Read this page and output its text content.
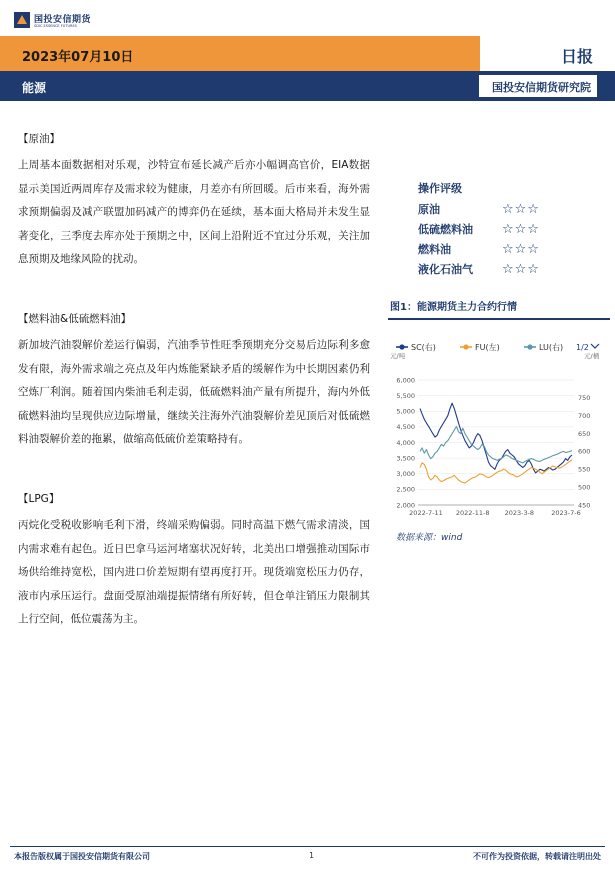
国投安信期货
SDIC ESSENCE FUTURES
2023年07月10日	日报
能源	国投安信期货研究院
【原油】

上周基本面数据相对乐观，沙特宣布延长减产后亦小幅调高官价，EIA数据显示美国近两周库存及需求较为健康，月差亦有所回暖。后市来看，海外需求预期偏弱及减产联盟加码减产的博弈仍在延续，基本面大格局并未发生显著变化，三季度去库亦处于预期之中，区间上沿附近不宜过分乐观，关注加息预期及地缘风险的扰动。

【燃料油&低硫燃料油】

新加坡汽油裂解价差运行偏弱，汽油季节性旺季预期充分交易后边际利多愈发有限，海外需求端之亮点及年内炼能紧缺矛盾的缓解作为中长期因素仍利空炼厂利润。随着国内柴油毛利走弱，低硫燃料油产量有所提升，海内外低硫燃料油均呈现供应边际增量，继续关注海外汽油裂解价差见顶后对低硫燃料油裂解价差的拖累，做缩高低硫价差策略持有。

【LPG】

丙烷化受税收影响毛利下滑，终端采购偏弱。同时高温下燃气需求清淡，国内需求难有起色。近日巴拿马运河堵塞状况好转，北美出口增强推动国际市场供给维持宽松，国内进口价差短期有望再度打开。现货端宽松压力仍存，液市内承压运行。盘面受原油端提振情绪有所好转，但仓单注销压力限制其上行空间，低位震荡为主。

操作评级
原油	☆☆☆
低硫燃料油 ☆☆☆
燃料油	☆☆☆
液化石油气 ☆☆☆
图1：能源期货主力合约行情
SC(右)	FU(左)	LU(右) 1/2
元/吨	元/桶
6,000
5,500
5,000
4,500
4,000
3,500
3,000
2,500
2,000
750
700
650
600
550
500
450
2022-7-11 2022-11-8 2023-3-8	2023-7-6
数据来源：wind
本报告版权属于国投安信期货有限公司	1	不可作为投资依据，转载请注明出处
